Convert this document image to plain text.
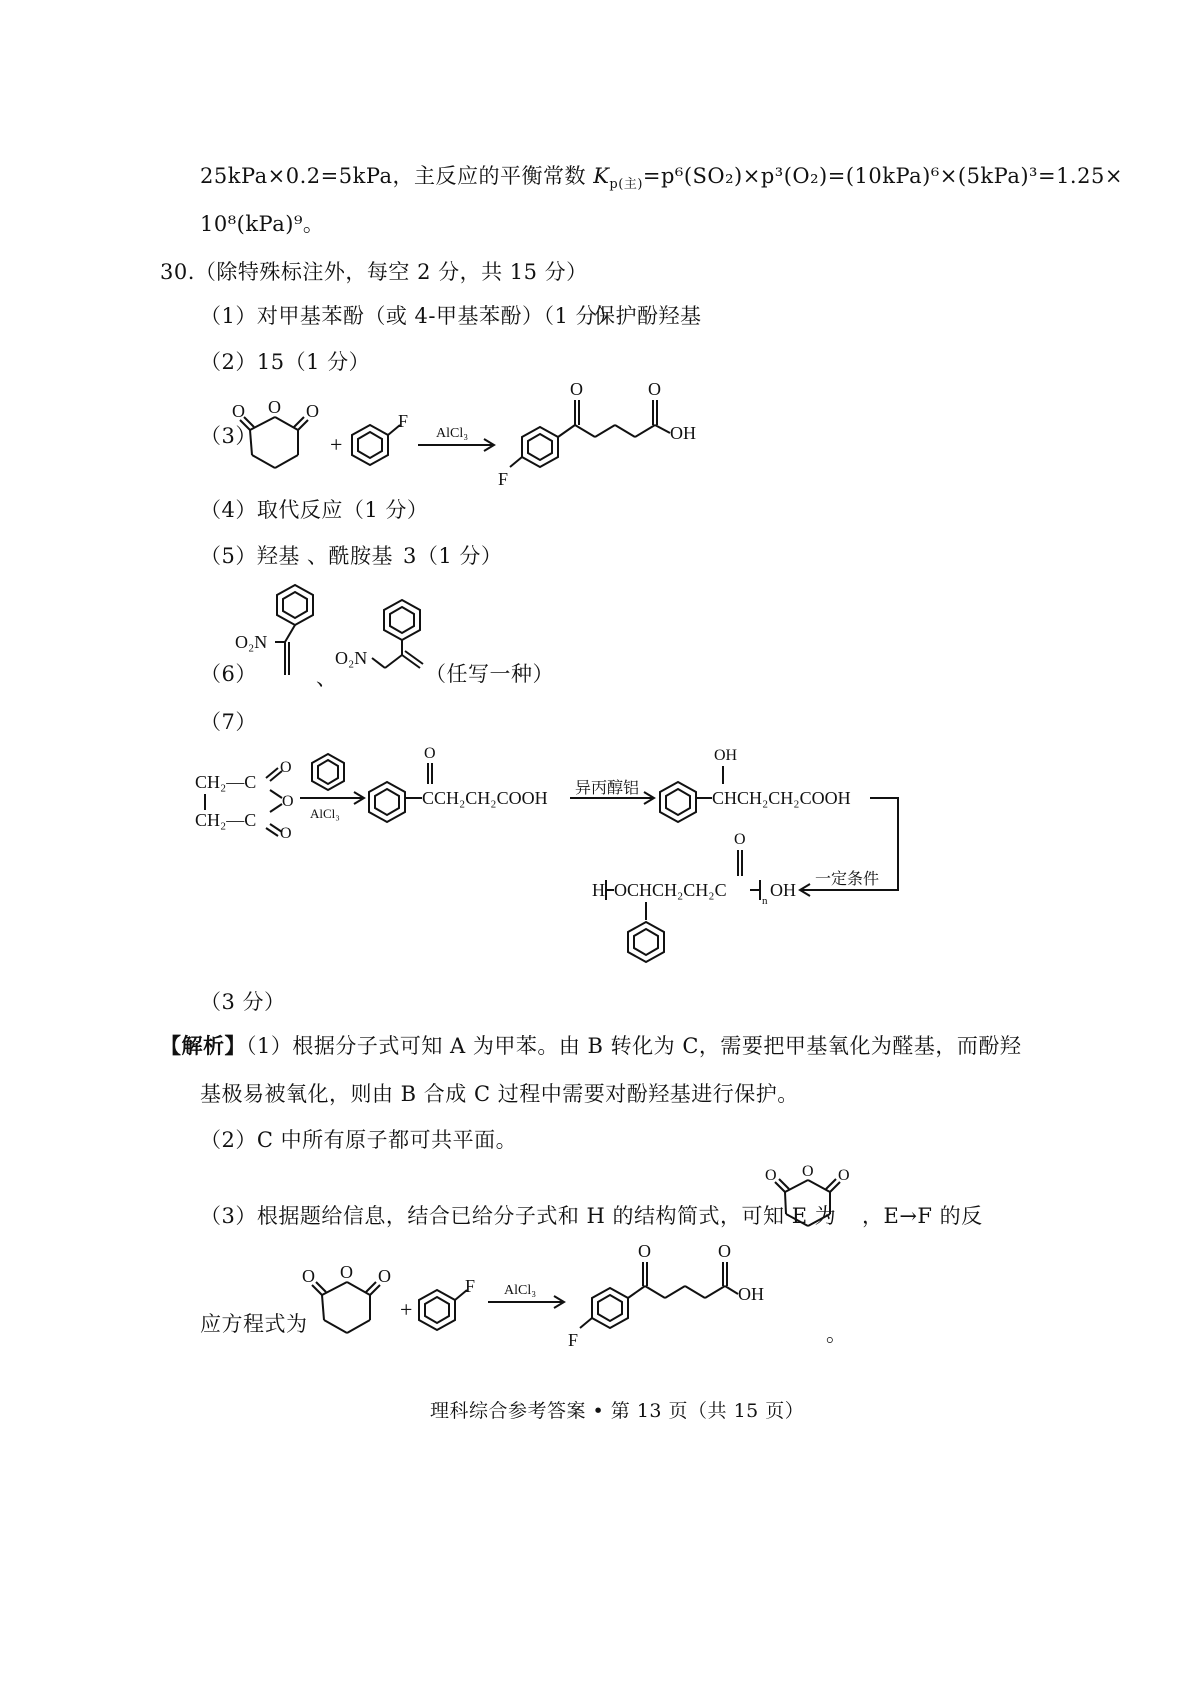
25kPa×0.2=5kPa，主反应的平衡常数 $K_{p(主)}=p^6(SO_2)\times p^3(O_2)=(10kPa)^6\times(5kPa)^3=1.25\times$
10⁸(kPa)⁹。
30.（除特殊标注外，每空 2 分，共 15 分）
（1）对甲基苯酚（或 4-甲基苯酚）（1 分）
保护酚羟基
（2）15（1 分）
（3）
O O O
+
F
AlCl₃
F
O	O
OH
（4）取代反应（1 分）
（5）羟基 、酰胺基 3（1 分）
（6）
O₂N
O₂N
、	（任写一种）
（7）
CH₂—C
CH₂—C
O
O
O
AlCl₃
O
CCH₂CH₂COOH 异丙醇铝
OH
CHCH₂CH₂COOH
一定条件
H OCHCH₂CH₂C
O
n
OH
（3 分）
【解析】（1）根据分子式可知 A 为甲苯。由 B 转化为 C，需要把甲基氧化为醛基，而酚羟
基极易被氧化，则由 B 合成 C 过程中需要对酚羟基进行保护。
（2）C 中所有原子都可共平面。
（3）根据题给信息，结合已给分子式和 H 的结构简式，可知 E 为
O O O
，E→F 的反
应方程式为
O O O
+
F AlCl₃
F
O	O
OH
。
理科综合参考答案 • 第 13 页（共 15 页）
